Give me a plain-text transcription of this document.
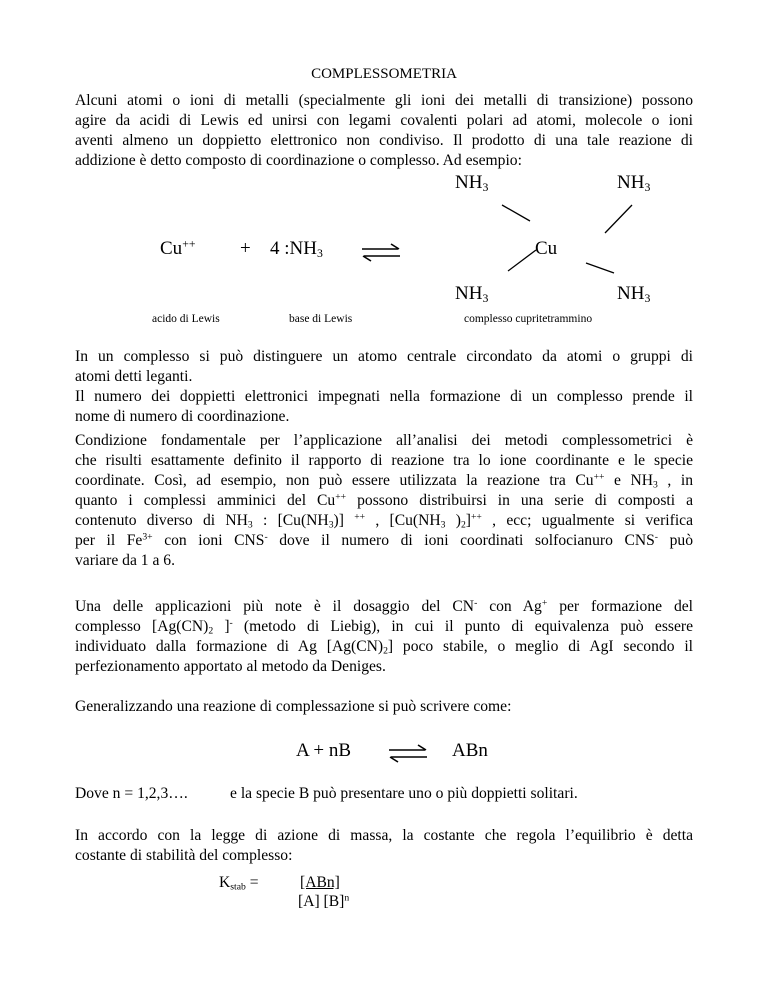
COMPLESSOMETRIA
Alcuni atomi o ioni di metalli (specialmente gli ioni dei metalli di transizione) possono
agire da acidi di Lewis ed unirsi con legami covalenti polari ad atomi, molecole o ioni
aventi almeno un doppietto elettronico non condiviso. Il prodotto di una tale reazione di
addizione è detto composto di coordinazione o complesso. Ad esempio:
Cu++ + 4 $:NH_3$
$NH_3$	$NH_3$
Cu
$NH_3$	$NH_3$
acido di Lewis	base di Lewis	complesso cupritetrammino
In un complesso si può distinguere un atomo centrale circondato da atomi o gruppi di
atomi detti leganti.
Il numero dei doppietti elettronici impegnati nella formazione di un complesso prende il
nome di numero di coordinazione.
Condizione fondamentale per l’applicazione all’analisi dei metodi complessometrici è
che risulti esattamente definito il rapporto di reazione tra lo ione coordinante e le specie
coordinate. Così, ad esempio, non può essere utilizzata la reazione tra Cu++ e $NH_3$ , in
quanto i complessi amminici del Cu++ possono distribuirsi in una serie di composti a
contenuto diverso di $NH_3$ : $[Cu(NH_3)]$ ++ , [$Cu(NH_3$ )$_2]^{++}$ , ecc; ugualmente si verifica
per il $Fe^{3+}$ con ioni CNS- dove il numero di ioni coordinati solfocianuro CNS- può
variare da 1 a 6.
Una delle applicazioni più note è il dosaggio del CN- con Ag+ per formazione del
complesso [$Ag(CN)_2$ ]- (metodo di Liebig), in cui il punto di equivalenza può essere
individuato dalla formazione di Ag $[Ag(CN)_2]$ poco stabile, o meglio di AgI secondo il
perfezionamento apportato al metodo da Deniges.
Generalizzando una reazione di complessazione si può scrivere come:
A + nB ⇌ ABn
Dove n = 1,2,3….	e la specie B può presentare uno o più doppietti solitari.
In accordo con la legge di azione di massa, la costante che regola l’equilibrio è detta
costante di stabilità del complesso:
$K_{stab}$ =	[ABn]
[A] $[B]^n$
